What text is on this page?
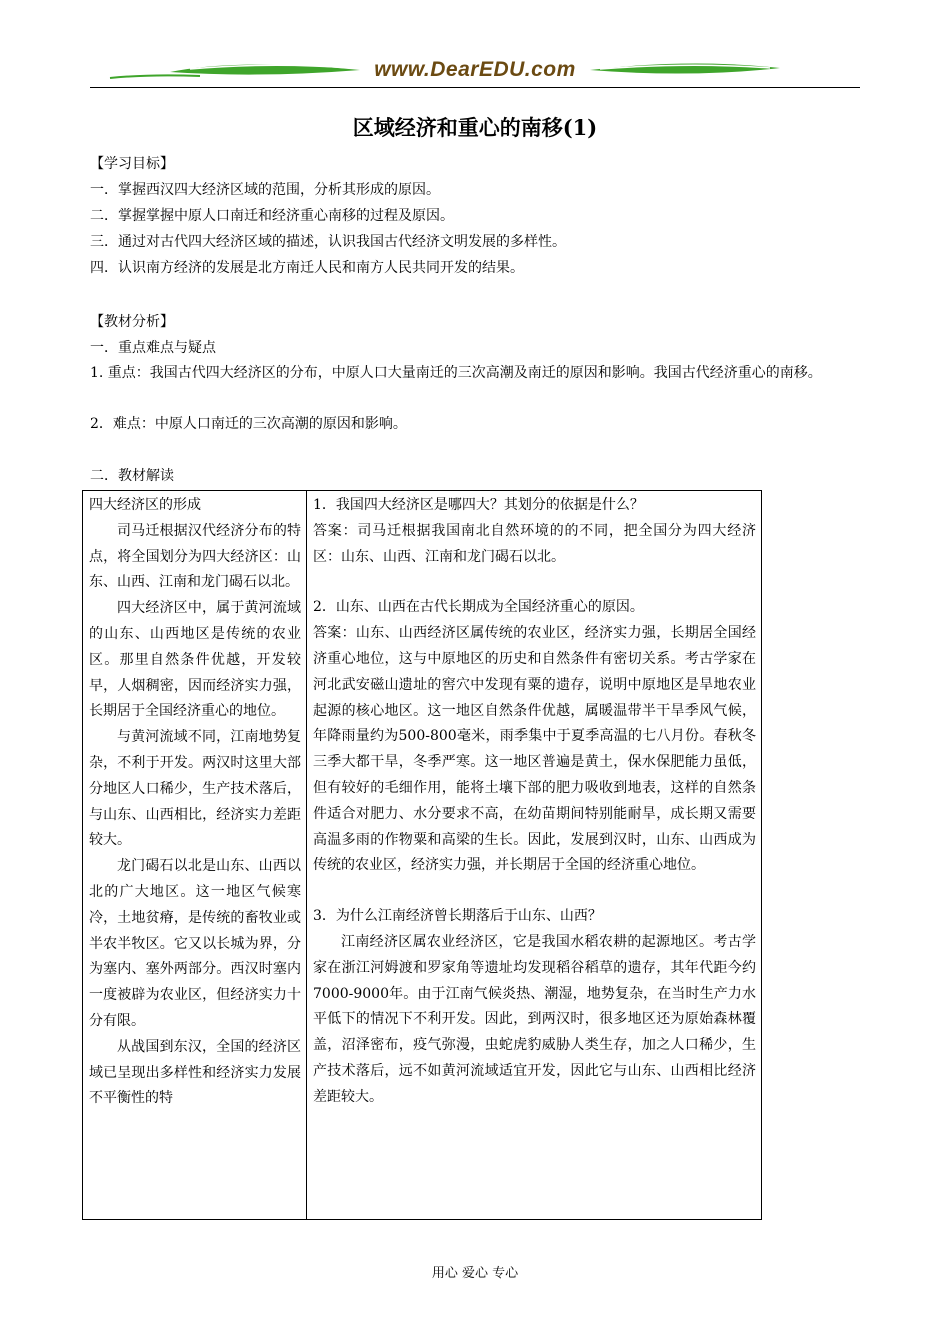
www.DearEDU.com
区域经济和重心的南移(1)
【学习目标】
一．掌握西汉四大经济区域的范围，分析其形成的原因。
二．掌握掌握中原人口南迁和经济重心南移的过程及原因。
三．通过对古代四大经济区域的描述，认识我国古代经济文明发展的多样性。
四．认识南方经济的发展是北方南迁人民和南方人民共同开发的结果。
【教材分析】
一．重点难点与疑点
1. 重点：我国古代四大经济区的分布，中原人口大量南迁的三次高潮及南迁的原因和影响。我国古代经济重心的南移。
2．难点：中原人口南迁的三次高潮的原因和影响。
二．教材解读
四大经济区的形成
司马迁根据汉代经济分布的特点，将全国划分为四大经济区：山东、山西、江南和龙门碣石以北。
四大经济区中，属于黄河流域的山东、山西地区是传统的农业区。那里自然条件优越，开发较早，人烟稠密，因而经济实力强，长期居于全国经济重心的地位。
与黄河流域不同，江南地势复杂，不利于开发。两汉时这里大部分地区人口稀少，生产技术落后，与山东、山西相比，经济实力差距较大。
龙门碣石以北是山东、山西以北的广大地区。这一地区气候寒冷，土地贫瘠，是传统的畜牧业或半农半牧区。它又以长城为界，分为塞内、塞外两部分。西汉时塞内一度被辟为农业区，但经济实力十分有限。
从战国到东汉，全国的经济区域已呈现出多样性和经济实力发展不平衡性的特

1．我国四大经济区是哪四大？其划分的依据是什么？
答案：司马迁根据我国南北自然环境的的不同，把全国分为四大经济区：山东、山西、江南和龙门碣石以北。
2．山东、山西在古代长期成为全国经济重心的原因。
答案：山东、山西经济区属传统的农业区，经济实力强，长期居全国经济重心地位，这与中原地区的历史和自然条件有密切关系。考古学家在河北武安磁山遗址的窖穴中发现有粟的遗存，说明中原地区是旱地农业起源的核心地区。这一地区自然条件优越，属暖温带半干旱季风气候，年降雨量约为500-800毫米，雨季集中于夏季高温的七八月份。春秋冬三季大都干旱，冬季严寒。这一地区普遍是黄土，保水保肥能力虽低，但有较好的毛细作用，能将土壤下部的肥力吸收到地表，这样的自然条件适合对肥力、水分要求不高，在幼苗期间特别能耐旱，成长期又需要高温多雨的作物粟和高梁的生长。因此，发展到汉时，山东、山西成为传统的农业区，经济实力强，并长期居于全国的经济重心地位。
3．为什么江南经济曾长期落后于山东、山西？
江南经济区属农业经济区，它是我国水稻农耕的起源地区。考古学家在浙江河姆渡和罗家角等遗址均发现稻谷稻草的遗存，其年代距今约7000-9000年。由于江南气候炎热、潮湿，地势复杂，在当时生产力水平低下的情况下不利开发。因此，到两汉时，很多地区还为原始森林覆盖，沼泽密布，疫气弥漫，虫蛇虎豹威胁人类生存，加之人口稀少，生产技术落后，远不如黄河流域适宜开发，因此它与山东、山西相比经济差距较大。
用心 爱心 专心
